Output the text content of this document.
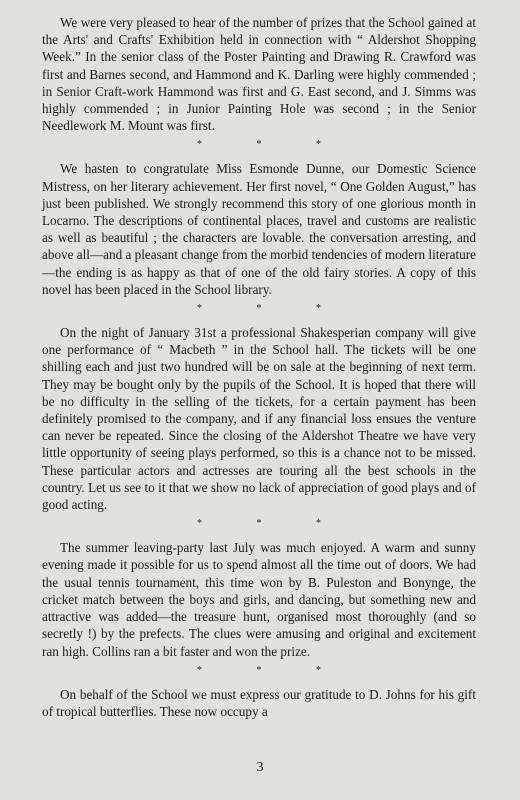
We were very pleased to hear of the number of prizes that the School gained at the Arts' and Crafts' Exhibition held in connection with “ Aldershot Shopping Week.” In the senior class of the Poster Painting and Drawing R. Crawford was first and Barnes second, and Hammond and K. Darling were highly commended ; in Senior Craft-work Hammond was first and G. East second, and J. Simms was highly commended ; in Junior Painting Hole was second ; in the Senior Needlework M. Mount was first.

* * *

We hasten to congratulate Miss Esmonde Dunne, our Domestic Science Mistress, on her literary achievement. Her first novel, “ One Golden August,” has just been published. We strongly recommend this story of one glorious month in Locarno. The descriptions of continental places, travel and customs are realistic as well as beautiful ; the characters are lovable. the conversation arresting, and above all—and a pleasant change from the morbid tendencies of modern literature—the ending is as happy as that of one of the old fairy stories. A copy of this novel has been placed in the School library.

* * *

On the night of January 31st a professional Shakesperian company will give one performance of “ Macbeth ” in the School hall. The tickets will be one shilling each and just two hundred will be on sale at the beginning of next term. They may be bought only by the pupils of the School. It is hoped that there will be no difficulty in the selling of the tickets, for a certain payment has been definitely promised to the company, and if any financial loss ensues the venture can never be repeated. Since the closing of the Aldershot Theatre we have very little opportunity of seeing plays performed, so this is a chance not to be missed. These particular actors and actresses are touring all the best schools in the country. Let us see to it that we show no lack of appreciation of good plays and of good acting.

* * *

The summer leaving-party last July was much enjoyed. A warm and sunny evening made it possible for us to spend almost all the time out of doors. We had the usual tennis tournament, this time won by B. Puleston and Bonynge, the cricket match between the boys and girls, and dancing, but something new and attractive was added—the treasure hunt, organised most thoroughly (and so secretly !) by the prefects. The clues were amusing and original and excitement ran high. Collins ran a bit faster and won the prize.

* * *

On behalf of the School we must express our gratitude to D. Johns for his gift of tropical butterflies. These now occupy a

3
